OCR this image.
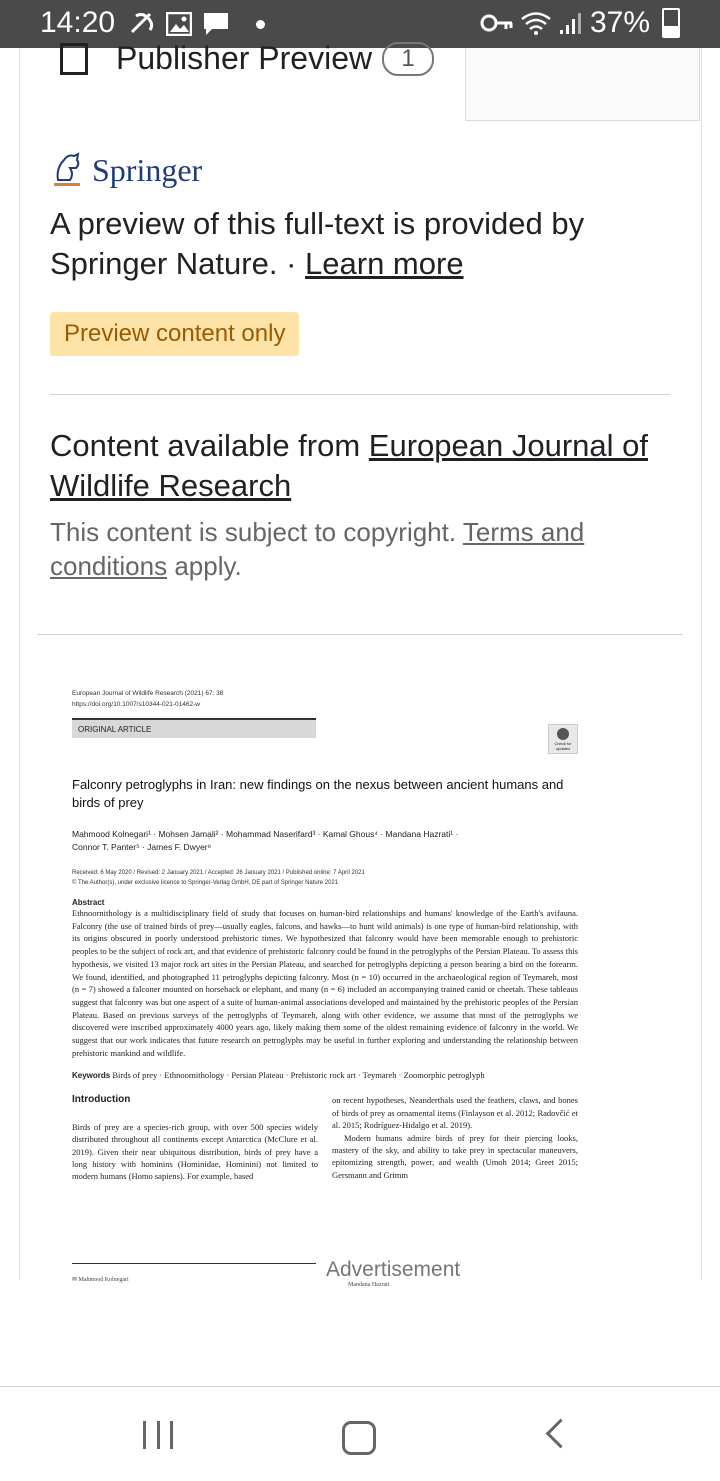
14:20	37%
Publisher Preview	1
Springer
A preview of this full-text is provided by Springer Nature. · Learn more
Preview content only
Content available from European Journal of Wildlife Research
This content is subject to copyright. Terms and conditions apply.
European Journal of Wildlife Research (2021) 67: 38
https://doi.org/10.1007/s10344-021-01462-w
ORIGINAL ARTICLE
Check for updates
Falconry petroglyphs in Iran: new findings on the nexus between ancient humans and birds of prey
Mahmood Kolnegari¹ · Mohsen Jamali² · Mohammad Naserifard³ · Kamal Ghous⁴ · Mandana Hazrati¹ ·
Connor T. Panter⁵ · James F. Dwyer⁶
Received: 6 May 2020 / Revised: 2 January 2021 / Accepted: 26 January 2021 / Published online: 7 April 2021
© The Author(s), under exclusive licence to Springer-Verlag GmbH, DE part of Springer Nature 2021
Abstract
Ethnoornithology is a multidisciplinary field of study that focuses on human-bird relationships and humans' knowledge of the Earth's avifauna. Falconry (the use of trained birds of prey—usually eagles, falcons, and hawks—to hunt wild animals) is one type of human-bird relationship, with its origins obscured in poorly understood prehistoric times. We hypothesized that falconry would have been memorable enough to prehistoric peoples to be the subject of rock art, and that evidence of prehistoric falconry could be found in the petroglyphs of the Persian Plateau. To assess this hypothesis, we visited 13 major rock art sites in the Persian Plateau, and searched for petroglyphs depicting a person bearing a bird on the forearm. We found, identified, and photographed 11 petroglyphs depicting falconry. Most (n = 10) occurred in the archaeological region of Teymareh, most (n = 7) showed a falconer mounted on horseback or elephant, and many (n = 6) included an accompanying trained canid or cheetah. These tableaus suggest that falconry was but one aspect of a suite of human-animal associations developed and maintained by the prehistoric peoples of the Persian Plateau. Based on previous surveys of the petroglyphs of Teymareh, along with other evidence, we assume that most of the petroglyphs we discovered were inscribed approximately 4000 years ago, likely making them some of the oldest remaining evidence of falconry in the world. We suggest that our work indicates that future research on petroglyphs may be useful in further exploring and understanding the relationship between prehistoric mankind and wildlife.
Keywords Birds of prey · Ethnoornithology · Persian Plateau · Prehistoric rock art · Teymareh · Zoomorphic petroglyph
Introduction
Birds of prey are a species-rich group, with over 500 species widely distributed throughout all continents except Antarctica (McClure et al. 2019). Given their near ubiquitous distribution, birds of prey have a long history with hominins (Hominidae, Hominini) not limited to modern humans (Homo sapiens). For example, based
on recent hypotheses, Neanderthals used the feathers, claws, and bones of birds of prey as ornamental items (Finlayson et al. 2012; Radovčić et al. 2015; Rodríguez-Hidalgo et al. 2019).
Modern humans admire birds of prey for their piercing looks, mastery of the sky, and ability to take prey in spectacular maneuvers, epitomizing strength, power, and wealth (Umoh 2014; Greet 2015; Gersmann and Grimm
✉ Mahmood Kolnegari
Mandana Hazrati
Advertisement
